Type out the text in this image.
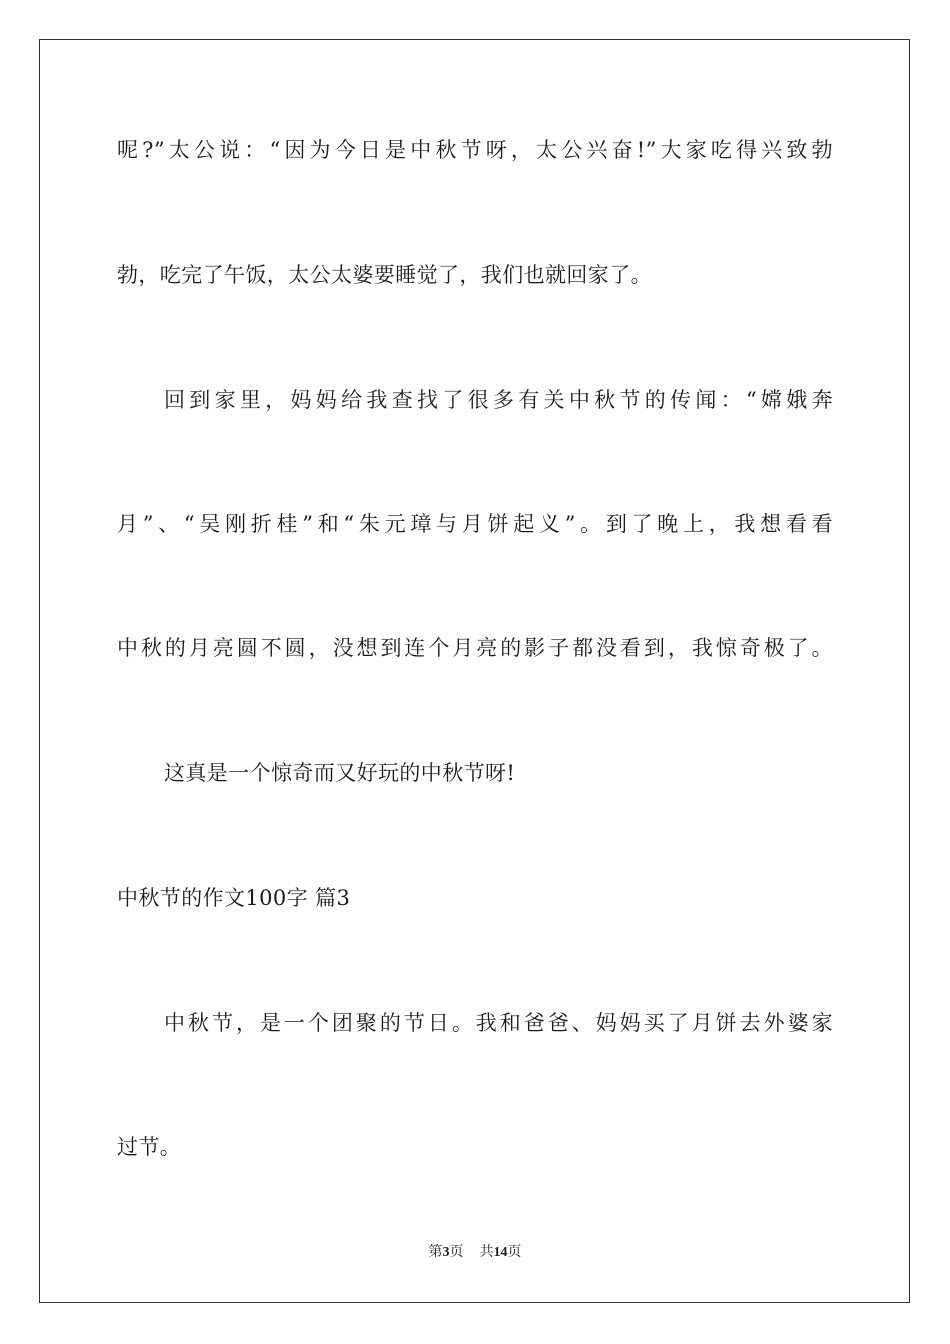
呢?”太公说：“因为今日是中秋节呀，太公兴奋!”大家吃得兴致勃
勃，吃完了午饭，太公太婆要睡觉了，我们也就回家了。
回到家里，妈妈给我查找了很多有关中秋节的传闻：“嫦娥奔
月”、“吴刚折桂”和“朱元璋与月饼起义”。到了晚上，我想看看
中秋的月亮圆不圆，没想到连个月亮的影子都没看到，我惊奇极了。
这真是一个惊奇而又好玩的中秋节呀!
中秋节的作文100字 篇3
中秋节，是一个团聚的节日。我和爸爸、妈妈买了月饼去外婆家
过节。
第3页 共14页
